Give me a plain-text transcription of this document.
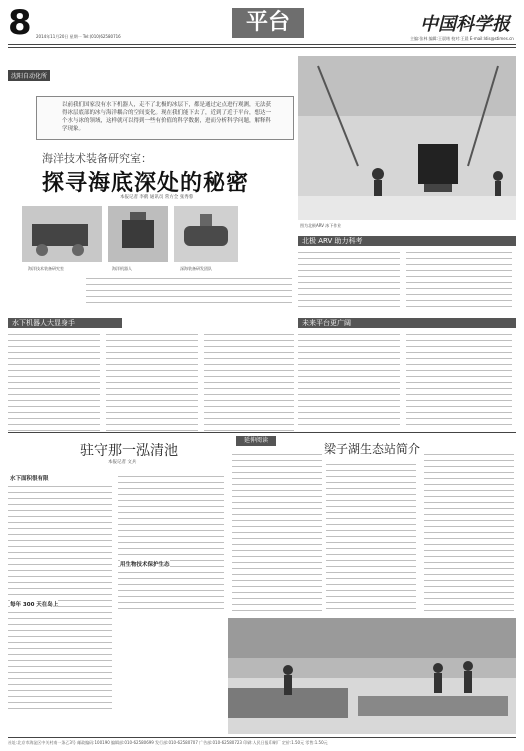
8 2014年11月20日 星期一 Tel:(010)62580716
平台	中国科学报
主编:张林 编辑:王晨绪 校对:王晨 E-mail:ldis@stimes.cn
沈阳自动化所
以前我们国家没有水下机器人，走不了北极的冰层下，都是通过定点进行观测，无法获得冰层底部的冰与海洋耦合的空间变化。现在我们能下去了，近到了近于平台，想达一个水与冰的领域，这样就可以得到一些有价值的科学数据，进而分析科学问题，解释科学现象。
海洋技术装备研究室：
探寻海底深处的秘密
本报记者 李鹤 通讯员 常方全 张秀蓉
海洋技术装备研究室	海洋机器人	深海装备研发团队
图为北极ARV 冰下作业
北极 ARV 助力科考
未来平台更广阔
水下机器人大显身手
驻守那一泓清池
本报记者 文兵
水下面积很有限
每年 300 天在岛上
用生物技术保护生态
延伸阅读
梁子湖生态站简介
社址:北京市海淀区中关村南一条乙3号 邮政编码:100190 编辑部:010-62580699 发行部:010-62580707 广告部:010-62580723 印刷:人民日报印刷厂 定价:1.50元 零售:1.50元
